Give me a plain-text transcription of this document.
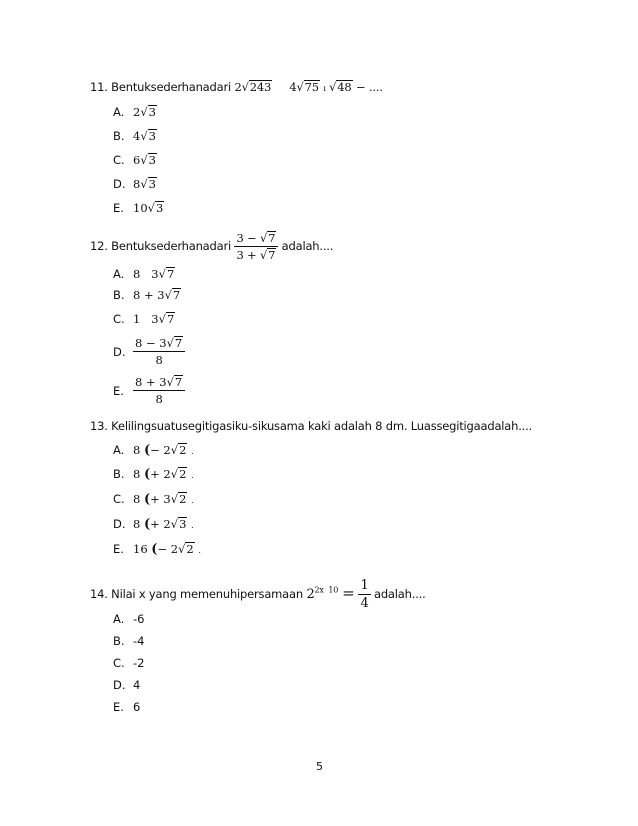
11. Bentuksederhanadari 2√243 4√75 ı √48 − ....
A. 2√3
B. 4√3
C. 6√3
D. 8√3
E. 10√3
12. Bentuksederhanadari $\frac{3 - √7}{3 + √7}$ adalah....
A. 8   3√7
B. 8 + 3√7
C. 1   3√7
D. $\frac{8 - 3√7}{8}$
E. $\frac{8 + 3√7}{8}$
13. Kelilingsuatusegitigasiku-sikusama kaki adalah 8 dm. Luassegitigaadalah....
A. 8 (− 2√2 .
B. 8 (+ 2√2 .
C. 8 (+ 3√2 .
D. 8 (+ 2√3 .
E. 16 (− 2√2 .
14. Nilai x yang memenuhipersamaan $2^{2x 10} = \frac{1}{4}$ adalah....
A. -6
B. -4
C. -2
D. 4
E. 6
5
